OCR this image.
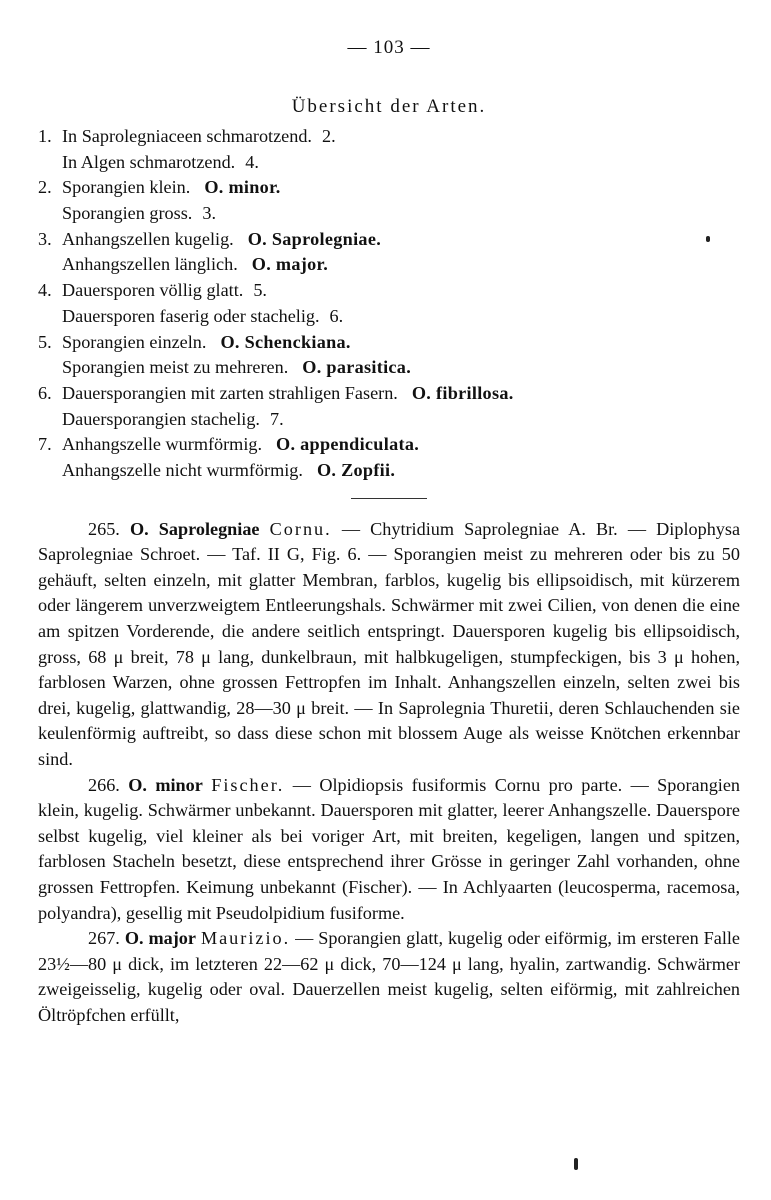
— 103 —
Übersicht der Arten.
1. In Saprolegniaceen schmarotzend. 2.
In Algen schmarotzend. 4.
2. Sporangien klein. O. minor.
Sporangien gross. 3.
3. Anhangszellen kugelig. O. Saprolegniae.
Anhangszellen länglich. O. major.
4. Dauersporen völlig glatt. 5.
Dauersporen faserig oder stachelig. 6.
5. Sporangien einzeln. O. Schenckiana.
Sporangien meist zu mehreren. O. parasitica.
6. Dauersporangien mit zarten strahligen Fasern. O. fibrillosa.
Dauersporangien stachelig. 7.
7. Anhangszelle wurmförmig. O. appendiculata.
Anhangszelle nicht wurmförmig. O. Zopfii.

265. O. Saprolegniae Cornu. — Chytridium Saprolegniae A. Br. — Diplophysa Saprolegniae Schroet. — Taf. II G, Fig. 6. — Sporangien meist zu mehreren oder bis zu 50 gehäuft, selten einzeln, mit glatter Membran, farblos, kugelig bis ellipsoidisch, mit kürzerem oder längerem unverzweigtem Entleerungshals. Schwärmer mit zwei Cilien, von denen die eine am spitzen Vorderende, die andere seitlich entspringt. Dauersporen kugelig bis ellipsoidisch, gross, 68 μ breit, 78 μ lang, dunkelbraun, mit halbkugeligen, stumpfeckigen, bis 3 μ hohen, farblosen Warzen, ohne grossen Fettropfen im Inhalt. Anhangszellen einzeln, selten zwei bis drei, kugelig, glattwandig, 28—30 μ breit. — In Saprolegnia Thuretii, deren Schlauchenden sie keulenförmig auftreibt, so dass diese schon mit blossem Auge als weisse Knötchen erkennbar sind.

266. O. minor Fischer. — Olpidiopsis fusiformis Cornu pro parte. — Sporangien klein, kugelig. Schwärmer unbekannt. Dauersporen mit glatter, leerer Anhangszelle. Dauerspore selbst kugelig, viel kleiner als bei voriger Art, mit breiten, kegeligen, langen und spitzen, farblosen Stacheln besetzt, diese entsprechend ihrer Grösse in geringer Zahl vorhanden, ohne grossen Fettropfen. Keimung unbekannt (Fischer). — In Achlyaarten (leucosperma, racemosa, polyandra), gesellig mit Pseudolpidium fusiforme.

267. O. major Maurizio. — Sporangien glatt, kugelig oder eiförmig, im ersteren Falle 23½—80 μ dick, im letzteren 22—62 μ dick, 70—124 μ lang, hyalin, zartwandig. Schwärmer zweigeisselig, kugelig oder oval. Dauerzellen meist kugelig, selten eiförmig, mit zahlreichen Öltröpfchen erfüllt,
